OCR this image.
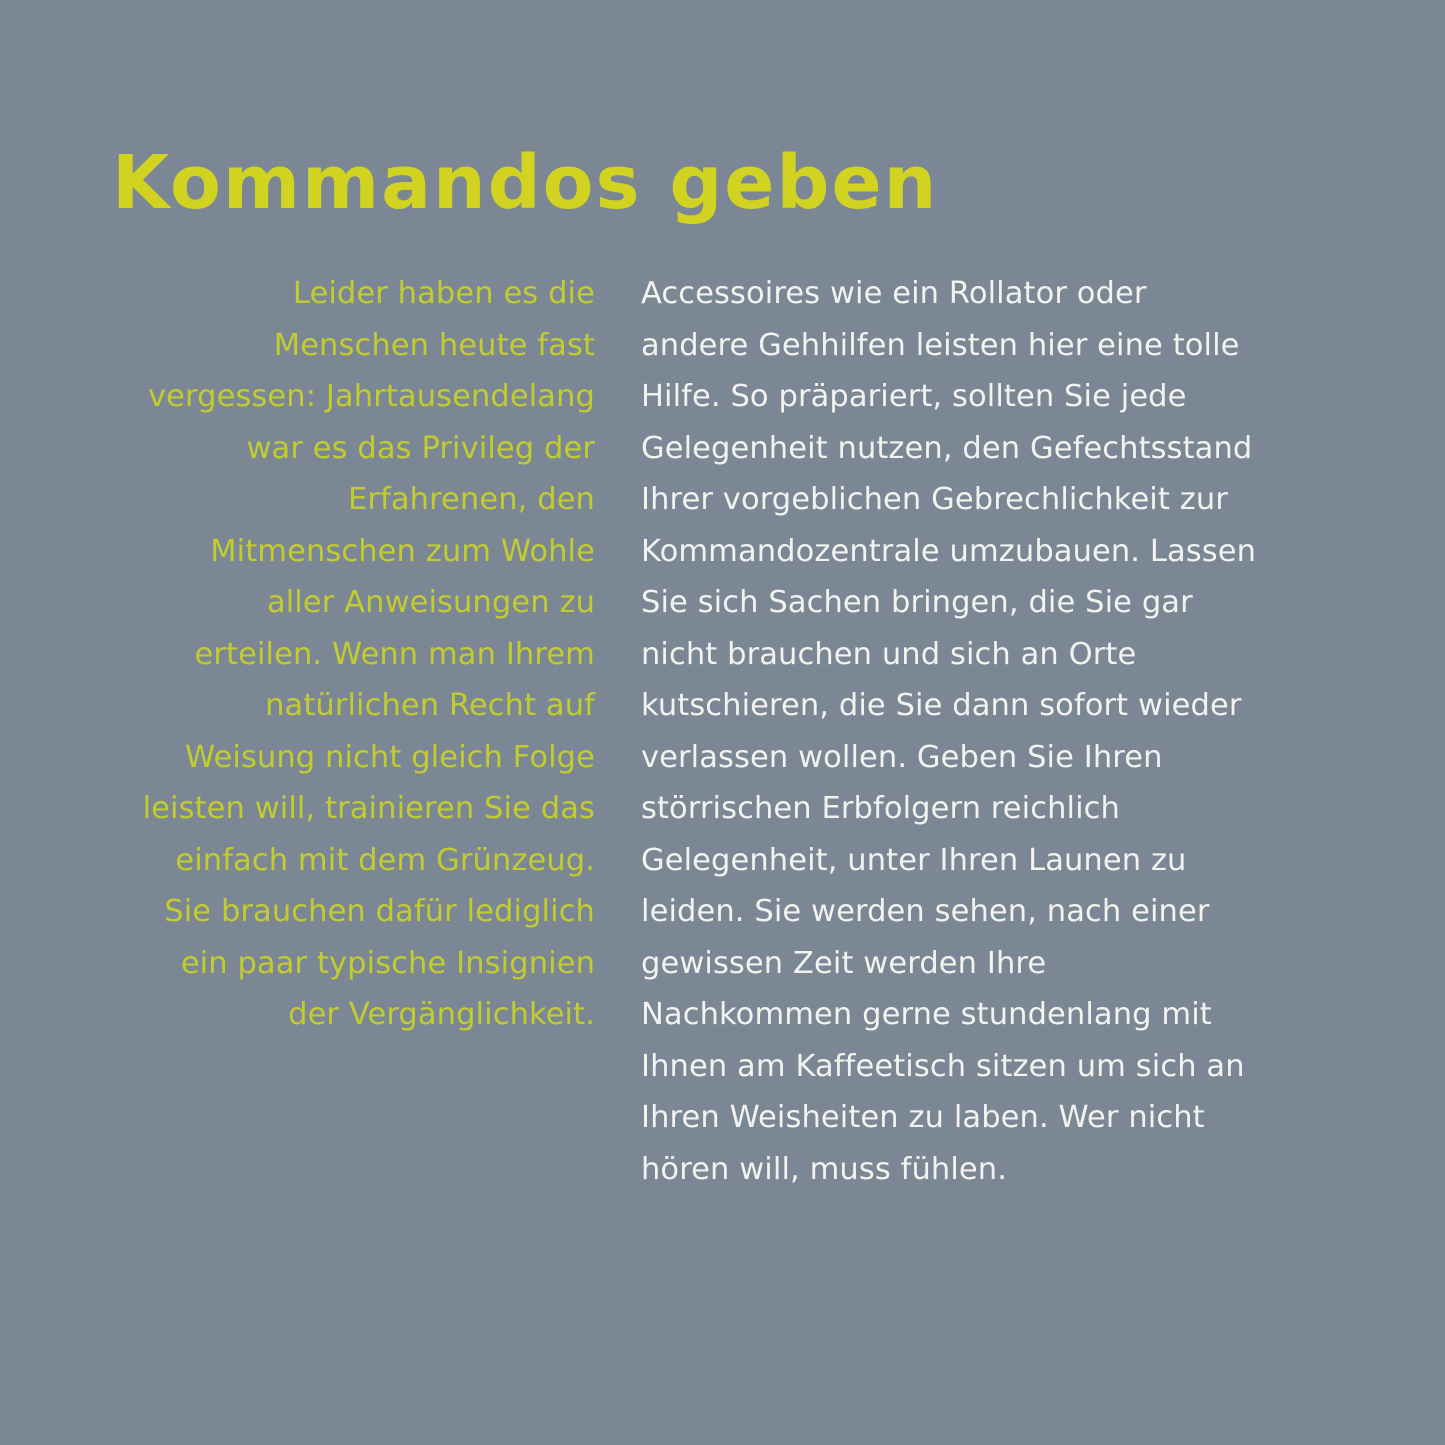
Kommandos geben
Leider haben es die Menschen heute fast vergessen: Jahrtausendelang war es das Privileg der Erfahrenen, den Mitmenschen zum Wohle aller Anweisungen zu erteilen. Wenn man Ihrem natürlichen Recht auf Weisung nicht gleich Folge leisten will, trainieren Sie das einfach mit dem Grünzeug. Sie brauchen dafür lediglich ein paar typische Insignien der Vergänglichkeit.
Accessoires wie ein Rollator oder andere Gehhilfen leisten hier eine tolle Hilfe. So präpariert, sollten Sie jede Gelegenheit nutzen, den Gefechtsstand Ihrer vorgeblichen Gebrechlichkeit zur Kommandozentrale umzubauen. Lassen Sie sich Sachen bringen, die Sie gar nicht brauchen und sich an Orte kutschieren, die Sie dann sofort wieder verlassen wollen. Geben Sie Ihren störrischen Erbfolgern reichlich Gelegenheit, unter Ihren Launen zu leiden. Sie werden sehen, nach einer gewissen Zeit werden Ihre Nachkommen gerne stundenlang mit Ihnen am Kaffeetisch sitzen um sich an Ihren Weisheiten zu laben. Wer nicht hören will, muss fühlen.
